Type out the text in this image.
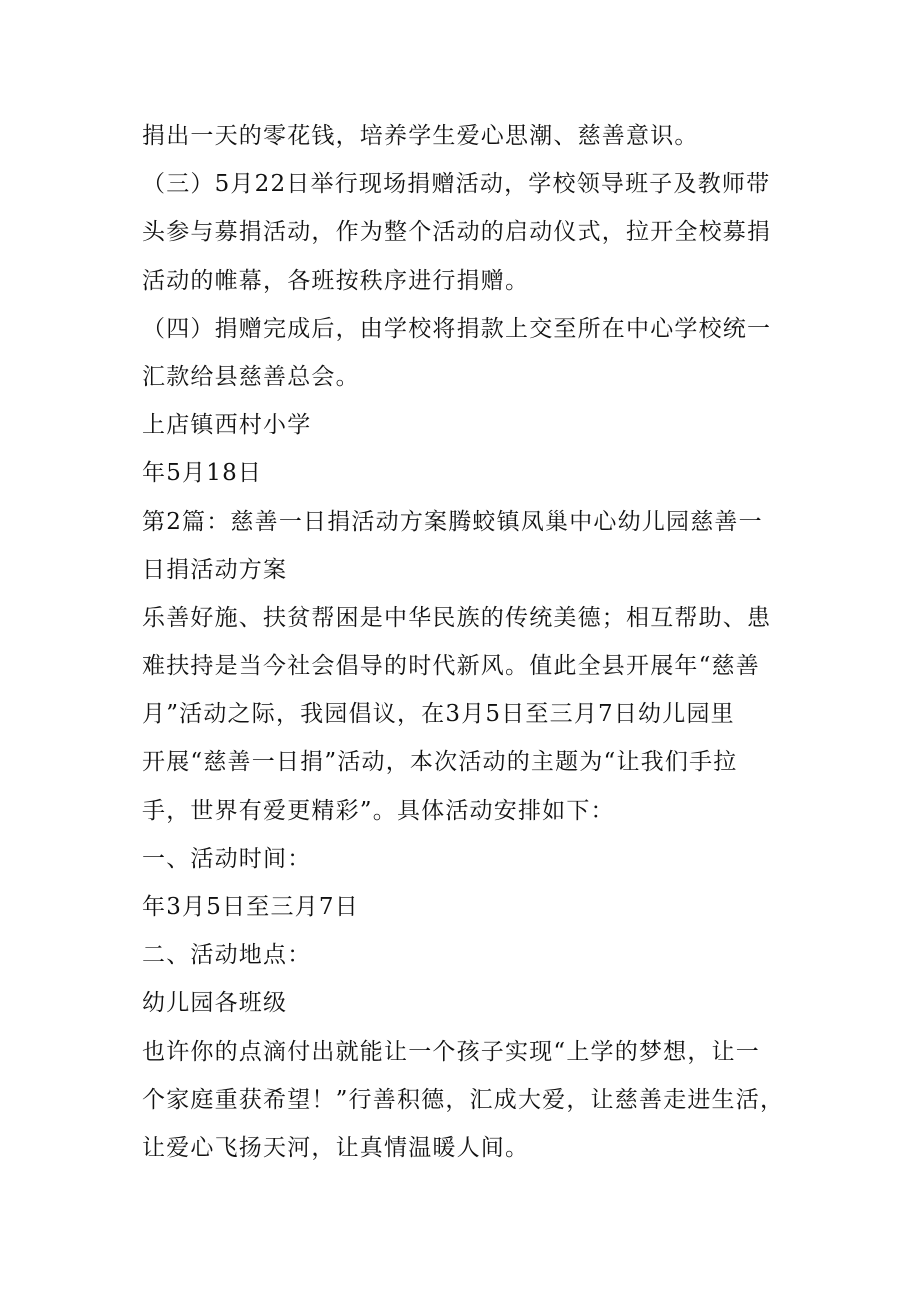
捐出一天的零花钱，培养学生爱心思潮、慈善意识。
（三）5月22日举行现场捐赠活动，学校领导班子及教师带
头参与募捐活动，作为整个活动的启动仪式，拉开全校募捐
活动的帷幕，各班按秩序进行捐赠。
（四）捐赠完成后，由学校将捐款上交至所在中心学校统一
汇款给县慈善总会。
上店镇西村小学
年5月18日
第2篇：慈善一日捐活动方案腾蛟镇凤巢中心幼儿园慈善一
日捐活动方案
乐善好施、扶贫帮困是中华民族的传统美德；相互帮助、患
难扶持是当今社会倡导的时代新风。值此全县开展年“慈善
月”活动之际，我园倡议，在3月5日至三月7日幼儿园里
开展“慈善一日捐”活动，本次活动的主题为“让我们手拉
手，世界有爱更精彩”。具体活动安排如下：
一、活动时间：
年3月5日至三月7日
二、活动地点：
幼儿园各班级
也许你的点滴付出就能让一个孩子实现“上学的梦想，让一
个家庭重获希望！”行善积德，汇成大爱，让慈善走进生活，
让爱心飞扬天河，让真情温暖人间。
